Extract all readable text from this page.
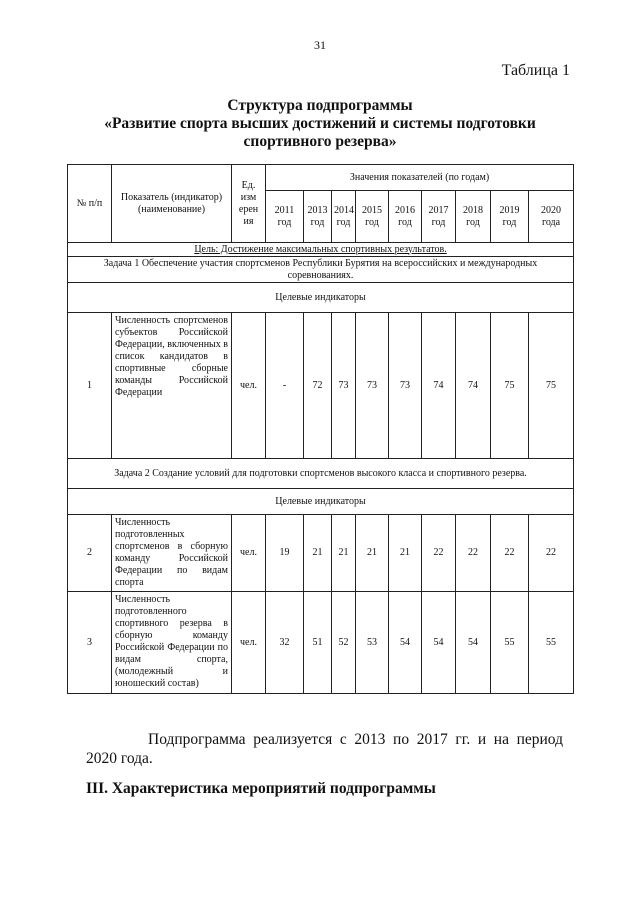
31
Таблица 1
Структура подпрограммы
«Развитие спорта высших достижений и системы подготовки
спортивного резерва»
№ п/п	Показатель (индикатор) (наименование)	Ед. изм ерен ия	Значения показателей (по годам)								
			2011 год	2013 год	2014 год	2015 год	2016 год	2017 год	2018 год	2019 год	2020 года
Цель: Достижение максимальных спортивных результатов.											
Задача 1 Обеспечение участия спортсменов Республики Бурятия на всероссийских и международных соревнованиях.											
Целевые индикаторы											
1	Численность спортсменов субъектов Российской Федерации, включенных в список кандидатов в спортивные сборные команды Российской Федерации	чел.	-	72	73	73	73	74	74	75	75
Задача 2 Создание условий для подготовки спортсменов высокого класса и спортивного резерва.											
Целевые индикаторы											
2	Численность подготовленных спортсменов в сборную команду Российской Федерации по видам спорта	чел.	19	21	21	21	21	22	22	22	22
3	Численность подготовленного спортивного резерва в сборную команду Российской Федерации по видам спорта, (молодежный и юношеский состав)	чел.	32	51	52	53	54	54	54	55	55
Подпрограмма реализуется с 2013 по 2017 гг. и на период 2020 года.
III. Характеристика мероприятий подпрограммы
